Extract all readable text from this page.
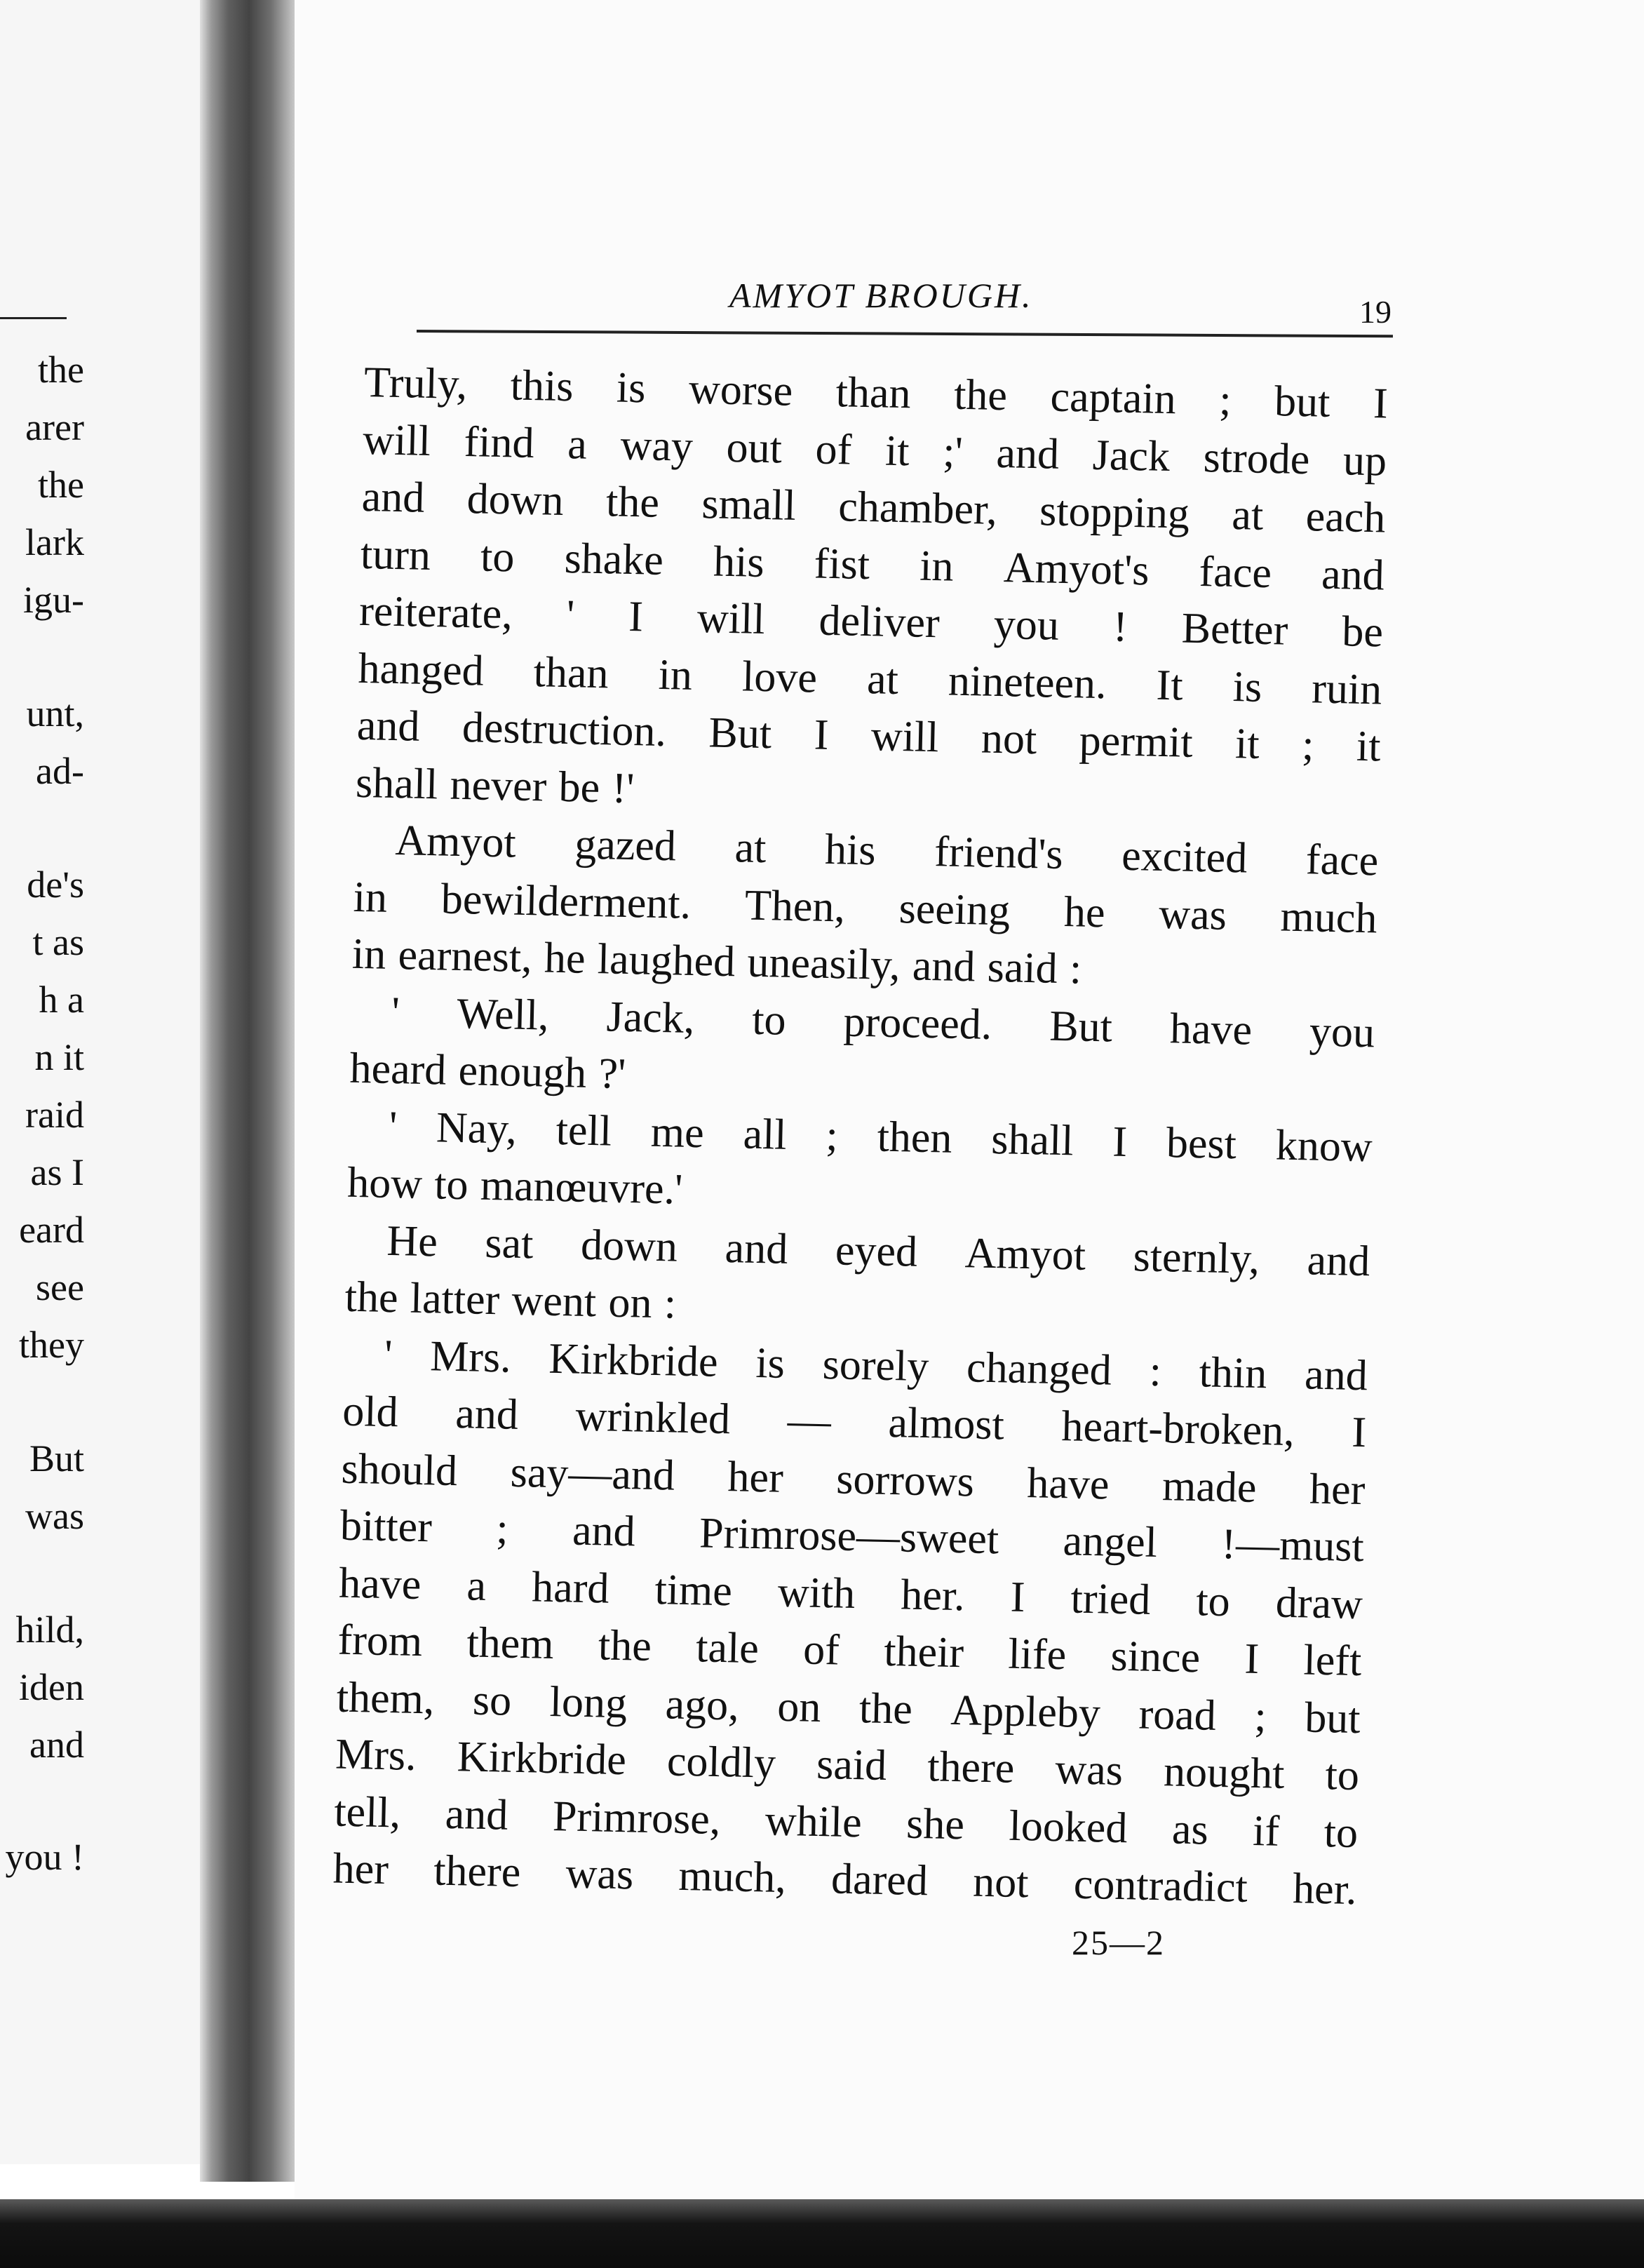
the
arer
the
lark
igu-
unt,
ad-
de's
t as
h a
n it
raid
as I
eard
see
they
But
was
hild,
iden
and
you !
AMYOT BROUGH.	19
Truly, this is worse than the captain ; but I
will find a way out of it ;' and Jack strode up
and down the small chamber, stopping at each
turn to shake his fist in Amyot's face and
reiterate, ' I will deliver you ! Better be
hanged than in love at nineteen. It is ruin
and destruction. But I will not permit it ; it
shall never be !'
Amyot gazed at his friend's excited face
in bewilderment. Then, seeing he was much
in earnest, he laughed uneasily, and said :
' Well, Jack, to proceed. But have you
heard enough ?'
' Nay, tell me all ; then shall I best know
how to manœuvre.'
He sat down and eyed Amyot sternly, and
the latter went on :
' Mrs. Kirkbride is sorely changed : thin and
old and wrinkled — almost heart-broken, I
should say—and her sorrows have made her
bitter ; and Primrose—sweet angel !—must
have a hard time with her. I tried to draw
from them the tale of their life since I left
them, so long ago, on the Appleby road ; but
Mrs. Kirkbride coldly said there was nought to
tell, and Primrose, while she looked as if to
her there was much, dared not contradict her.
25—2
